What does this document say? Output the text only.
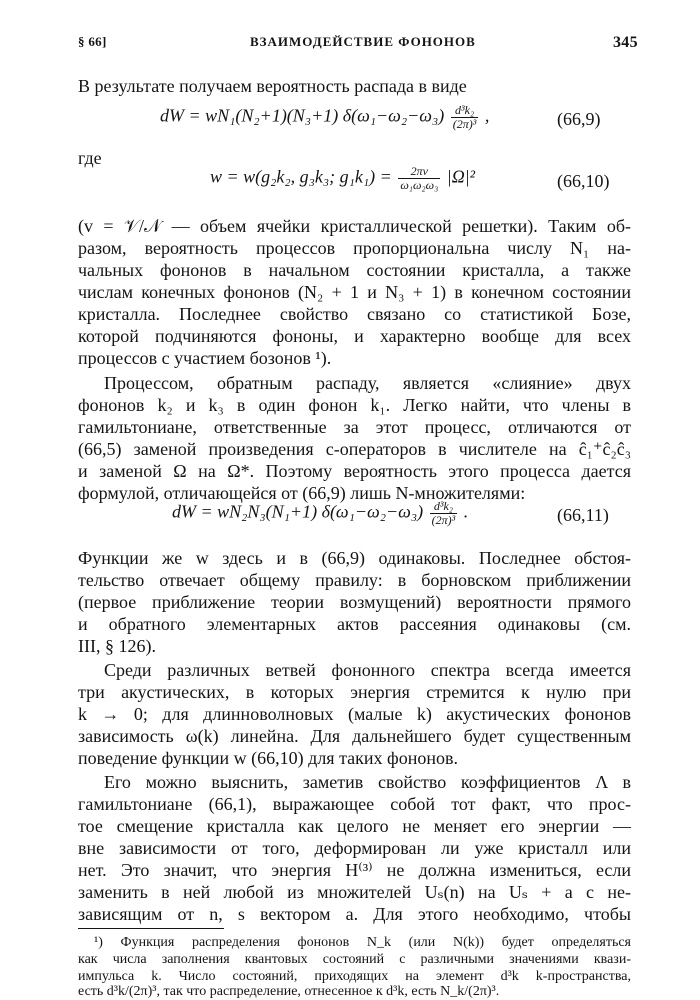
§ 66]	ВЗАИМОДЕЙСТВИЕ ФОНОНОВ	345
В результате получаем вероятность распада в виде
dW = wN₁(N₂+1)(N₃+1) $\delta(\omega_1-\omega_2-\omega_3) \frac{\text{d³k₂}}{\text{(2π)³}}$ ,	(66,9)
где
w = w(g₂k₂, g₃k₃; $g_1k_1) = \frac{2\pi v}{\text{ω₁ω₂ω₃}} |\Omega|^2$	(66,10)
(v = 𝒱/𝒩 — объем ячейки кристаллической решетки). Таким об-
разом, вероятность процессов пропорциональна числу N₁ на-
чальных фононов в начальном состоянии кристалла, а также
числам конечных фононов (N₂ + 1 и N₃ + 1) в конечном состоянии
кристалла. Последнее свойство связано со статистикой Бозе,
которой подчиняются фононы, и характерно вообще для всех
процессов с участием бозонов ¹).
Процессом, обратным распаду, является «слияние» двух
фононов k₂ и k₃ в один фонон k₁. Легко найти, что члены в
гамильтониане, ответственные за этот процесс, отличаются от
(66,5) заменой произведения c-операторов в числителе на ĉ₁⁺ĉ₂ĉ₃
и заменой Ω на Ω*. Поэтому вероятность этого процесса дается
формулой, отличающейся от (66,9) лишь N-множителями:
dW = wN₂N₃(N₁+1) $\delta(\omega_1-\omega_2-\omega_3) \frac{\text{d³k₂}}{\text{(2π)³}}$ .	(66,11)
Функции же w здесь и в (66,9) одинаковы. Последнее обстоя-
тельство отвечает общему правилу: в борновском приближении
(первое приближение теории возмущений) вероятности прямого
и обратного элементарных актов рассеяния одинаковы (см.
III, § 126).
Среди различных ветвей фононного спектра всегда имеется
три акустических, в которых энергия стремится к нулю при
k → 0; для длинноволновых (малые k) акустических фононов
зависимость ω(k) линейна. Для дальнейшего будет существенным
поведение функции w (66,10) для таких фононов.
Его можно выяснить, заметив свойство коэффициентов Λ в
гамильтониане (66,1), выражающее собой тот факт, что прос-
тое смещение кристалла как целого не меняет его энергии —
вне зависимости от того, деформирован ли уже кристалл или
нет. Это значит, что энергия H⁽³⁾ не должна измениться, если
заменить в ней любой из множителей Uₛ(n) на Uₛ + a с не-
зависящим от n, s вектором a. Для этого необходимо, чтобы
¹) Функция распределения фононов N_k (или N(k)) будет определяться
как числа заполнения квантовых состояний с различными значениями квази-
импульса k. Число состояний, приходящих на элемент d³k k-пространства,
есть d³k/(2π)³, так что распределение, отнесенное к d³k, есть N_k/(2π)³.
